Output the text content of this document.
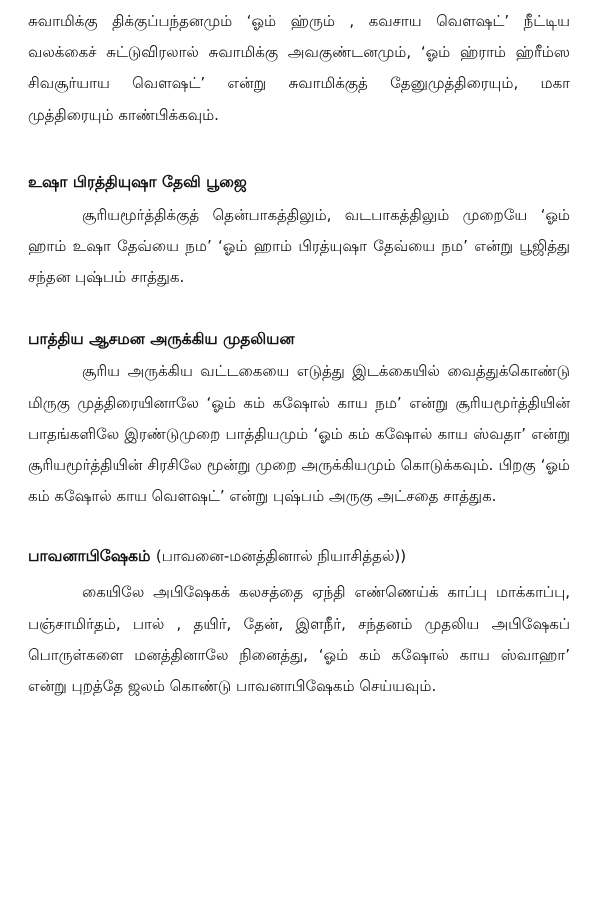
சுவாமிக்கு திக்குப்பந்தனமும் ‘ஓம் ஹ்ரும் , கவசாய வௌஷட்’ நீட்டிய வலக்கைச் சுட்டுவிரலால் சுவாமிக்கு அவகுண்டனமும், ‘ஓம் ஹ்ராம் ஹ்ரீம்ஸ சிவசூர்யாய வௌஷட்’ என்று சுவாமிக்குத் தேனுமுத்திரையும், மகா முத்திரையும் காண்பிக்கவும்.

உஷா பிரத்தியுஷா தேவி பூஜை

சூரியமூர்த்திக்குத் தென்பாகத்திலும், வடபாகத்திலும் முறையே ‘ஓம் ஹாம் உஷா தேவ்யை நம’ ‘ஓம் ஹாம் பிரத்யுஷா தேவ்யை நம’ என்று பூஜித்து சந்தன புஷ்பம் சாத்துக.

பாத்திய ஆசமன அருக்கிய முதலியன

சூரிய அருக்கிய வட்டகையை எடுத்து இடக்கையில் வைத்துக்கொண்டு மிருகு முத்திரையினாலே ‘ஓம் கம் கஷோல் காய நம’ என்று சூரியமூர்த்தியின் பாதங்களிலே இரண்டுமுறை பாத்தியமும் ‘ஓம் கம் கஷோல் காய ஸ்வதா’ என்று சூரியமூர்த்தியின் சிரசிலே மூன்று முறை அருக்கியமும் கொடுக்கவும். பிறகு ‘ஓம் கம் கஷோல் காய வௌஷட்’ என்று புஷ்பம் அருகு அட்சதை சாத்துக.

பாவனாபிஷேகம் (பாவனை-மனத்தினால் நியாசித்தல்))

கையிலே அபிஷேகக் கலசத்தை ஏந்தி எண்ணெய்க் காப்பு மாக்காப்பு, பஞ்சாமிர்தம், பால் , தயிர், தேன், இளநீர், சந்தனம் முதலிய அபிஷேகப் பொருள்களை மனத்தினாலே நினைத்து, ‘ஓம் கம் கஷோல் காய ஸ்வாஹா’ என்று புறத்தே ஜலம் கொண்டு பாவனாபிஷேகம் செய்யவும்.
